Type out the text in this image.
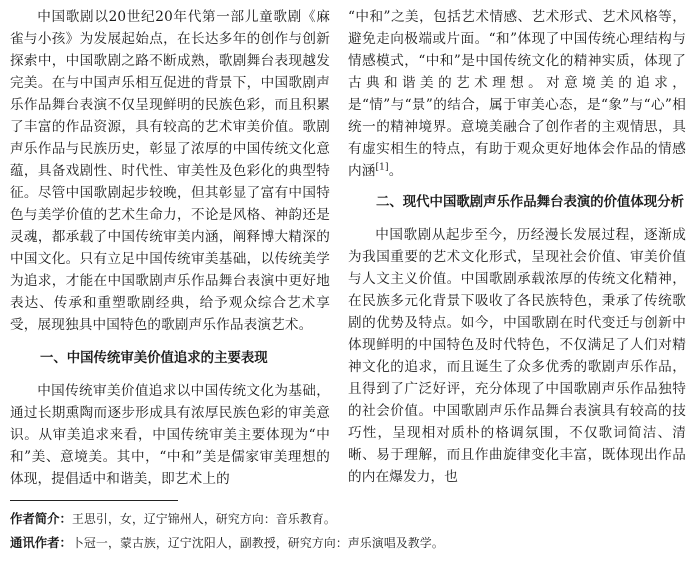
中国歌剧以20世纪20年代第一部儿童歌剧《麻雀与小孩》为发展起始点，在长达多年的创作与创新探索中，中国歌剧之路不断成熟，歌剧舞台表现越发完美。在与中国声乐相互促进的背景下，中国歌剧声乐作品舞台表演不仅呈现鲜明的民族色彩，而且积累了丰富的作品资源，具有较高的艺术审美价值。歌剧声乐作品与民族历史，彰显了浓厚的中国传统文化意蕴，具备戏剧性、时代性、审美性及色彩化的典型特征。尽管中国歌剧起步较晚，但其彰显了富有中国特色与美学价值的艺术生命力，不论是风格、神韵还是灵魂，都承载了中国传统审美内涵，阐释博大精深的中国文化。只有立足中国传统审美基础，以传统美学为追求，才能在中国歌剧声乐作品舞台表演中更好地表达、传承和重塑歌剧经典，给予观众综合艺术享受，展现独具中国特色的歌剧声乐作品表演艺术。

一、中国传统审美价值追求的主要表现

中国传统审美价值追求以中国传统文化为基础，通过长期熏陶而逐步形成具有浓厚民族色彩的审美意识。从审美追求来看，中国传统审美主要体现为“中和”美、意境美。其中，“中和”美是儒家审美理想的体现，提倡适中和谐美，即艺术上的

“中和”之美，包括艺术情感、艺术形式、艺术风格等，避免走向极端或片面。“和”体现了中国传统心理结构与情感模式，“中和”是中国传统文化的精神实质，体现了古典和谐美的艺术理想。对意境美的追求，是“情”与“景”的结合，属于审美心态，是“象”与“心”相统一的精神境界。意境美融合了创作者的主观情思，具有虚实相生的特点，有助于观众更好地体会作品的情感内涵[1]。

二、现代中国歌剧声乐作品舞台表演的价值体现分析

中国歌剧从起步至今，历经漫长发展过程，逐渐成为我国重要的艺术文化形式，呈现社会价值、审美价值与人文主义价值。中国歌剧承载浓厚的传统文化精神，在民族多元化背景下吸收了各民族特色，秉承了传统歌剧的优势及特点。如今，中国歌剧在时代变迁与创新中体现鲜明的中国特色及时代特色，不仅满足了人们对精神文化的追求，而且诞生了众多优秀的歌剧声乐作品，且得到了广泛好评，充分体现了中国歌剧声乐作品独特的社会价值。中国歌剧声乐作品舞台表演具有较高的技巧性，呈现相对质朴的格调氛围，不仅歌词简洁、清晰、易于理解，而且作曲旋律变化丰富，既体现出作品的内在爆发力，也

作者简介：王思引，女，辽宁锦州人，研究方向：音乐教育。
通讯作者：卜冠一，蒙古族，辽宁沈阳人，副教授，研究方向：声乐演唱及教学。
